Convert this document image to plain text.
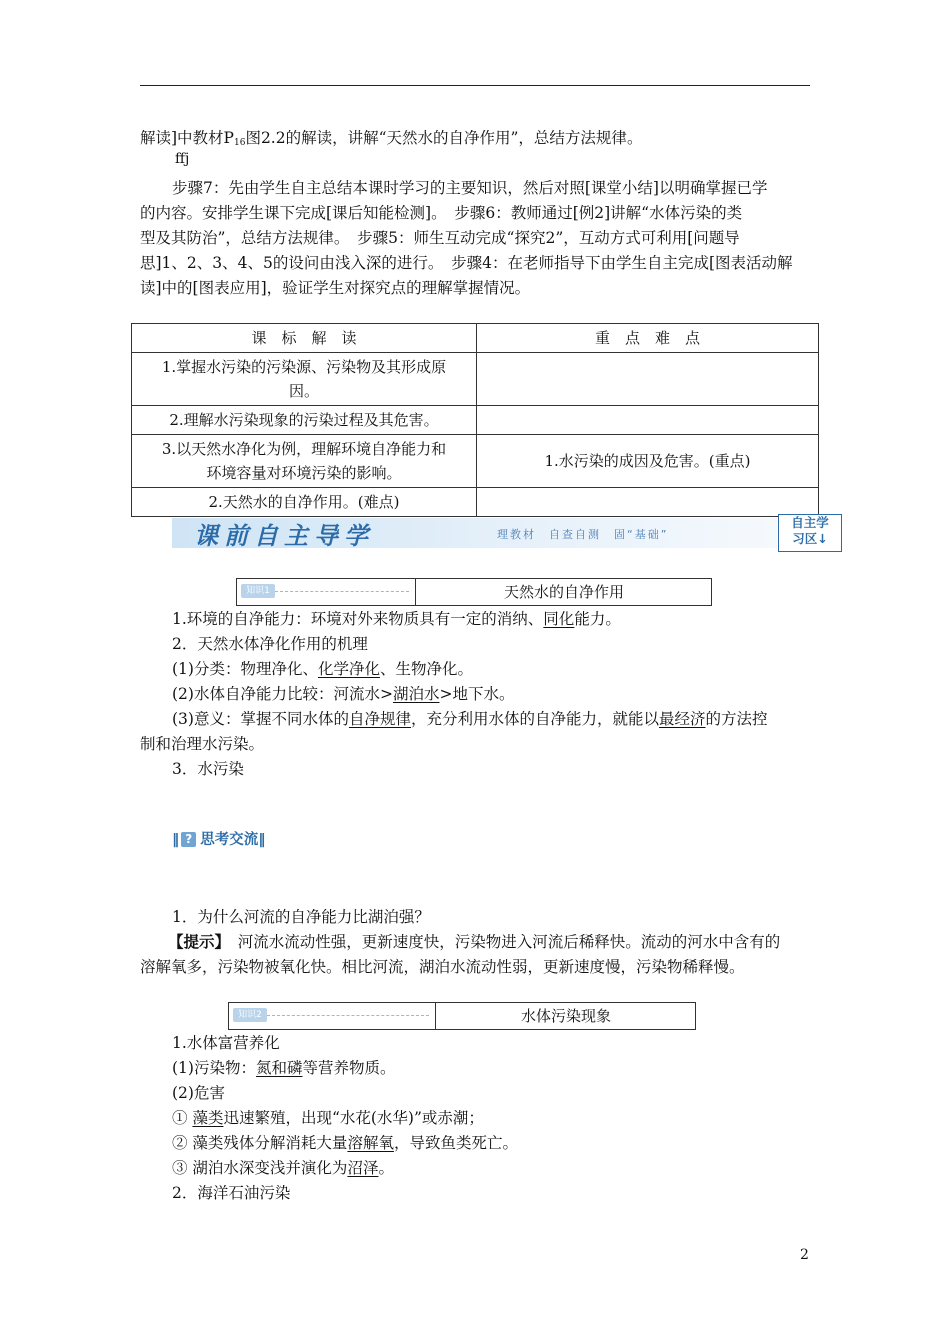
解读]中教材$P_{16}$图2.2的解读，讲解“天然水的自净作用”，总结方法规律。
ﬀj
步骤7：先由学生自主总结本课时学习的主要知识，然后对照[课堂小结]以明确掌握已学
的内容。安排学生课下完成[课后知能检测]。　步骤6：教师通过[例2]讲解“水体污染的类
型及其防治”，总结方法规律。　步骤5：师生互动完成“探究2”，互动方式可利用[问题导
思]1、2、3、4、5的设问由浅入深的进行。　步骤4：在老师指导下由学生自主完成[图表活动解
读]中的[图表应用]，验证学生对探究点的理解掌握情况。
课　标　解　读	重　点　难　点
1.掌握水污染的污染源、污染物及其形成原
因。	
2.理解水污染现象的污染过程及其危害。	
3.以天然水净化为例，理解环境自净能力和
环境容量对环境污染的影响。	1.水污染的成因及危害。(重点)
2.天然水的自净作用。(难点)	
课前自主导学	理教材　自查自测　固“基础”
自主学
习区↓
知识1	天然水的自净作用
1.环境的自净能力：环境对外来物质具有一定的消纳、同化能力。
2．天然水体净化作用的机理
(1)分类：物理净化、化学净化、生物净化。
(2)水体自净能力比较：河流水>湖泊水>地下水。
(3)意义：掌握不同水体的自净规律，充分利用水体的自净能力，就能以最经济的方法控
制和治理水污染。
3．水污染
‖ ? 思考交流‖
1．为什么河流的自净能力比湖泊强？
【提示】　河流水流动性强，更新速度快，污染物进入河流后稀释快。流动的河水中含有的
溶解氧多，污染物被氧化快。相比河流，湖泊水流动性弱，更新速度慢，污染物稀释慢。
知识2	水体污染现象
1.水体富营养化
(1)污染物：氮和磷等营养物质。
(2)危害
① 藻类迅速繁殖，出现“水花(水华)”或赤潮；
② 藻类残体分解消耗大量溶解氧，导致鱼类死亡。
③ 湖泊水深变浅并演化为沼泽。
2．海洋石油污染
2
